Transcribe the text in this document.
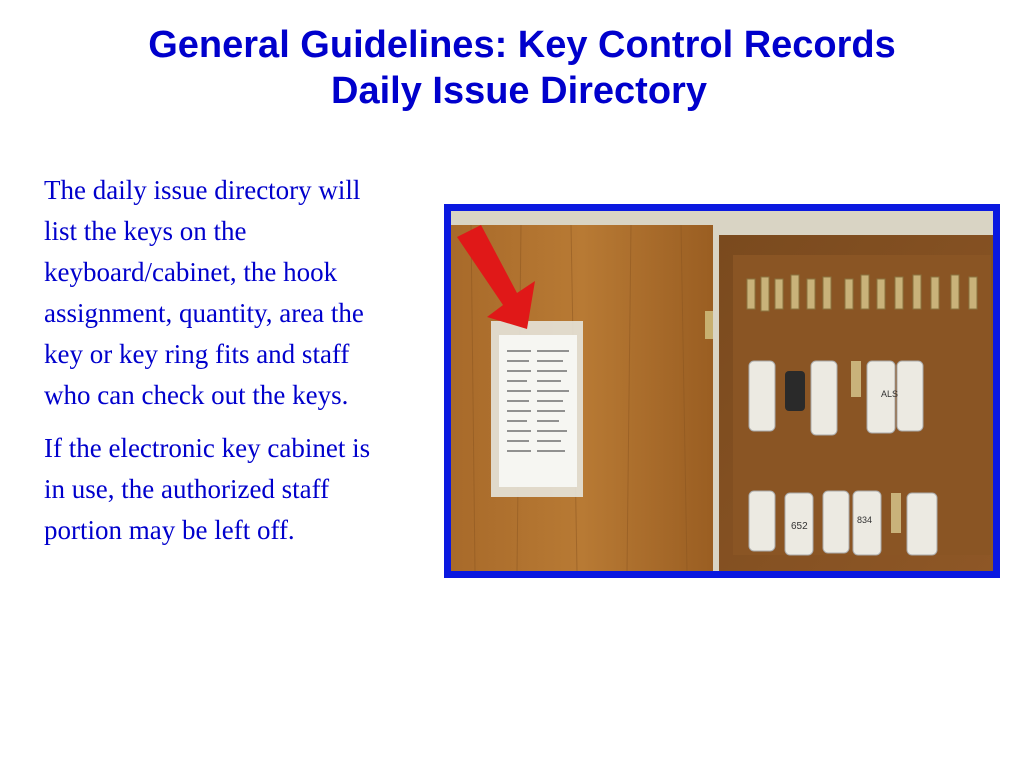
General Guidelines: Key Control Records
Daily Issue Directory

The daily issue directory will list the keys on the keyboard/cabinet, the hook assignment, quantity, area the key or key ring fits and staff who can check out the keys.

If the electronic key cabinet is in use, the authorized staff portion may be left off.

ALS
652
834
